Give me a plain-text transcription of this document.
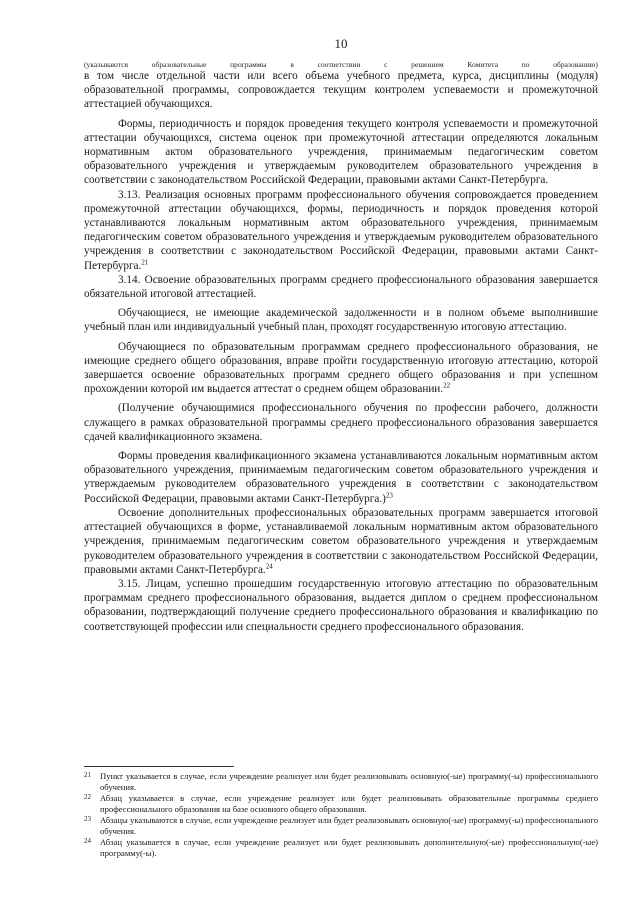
10
(указываются образовательные программы в соответствии с решением Комитета по образованию)

в том числе отдельной части или всего объема учебного предмета, курса, дисциплины (модуля) образовательной программы, сопровождается текущим контролем успеваемости и промежуточной аттестацией обучающихся.

Формы, периодичность и порядок проведения текущего контроля успеваемости и промежуточной аттестации обучающихся, система оценок при промежуточной аттестации определяются локальным нормативным актом образовательного учреждения, принимаемым педагогическим советом образовательного учреждения и утверждаемым руководителем образовательного учреждения в соответствии с законодательством Российской Федерации, правовыми актами Санкт-Петербурга.

3.13. Реализация основных программ профессионального обучения сопровождается проведением промежуточной аттестации обучающихся, формы, периодичность и порядок проведения которой устанавливаются локальным нормативным актом образовательного учреждения, принимаемым педагогическим советом образовательного учреждения и утверждаемым руководителем образовательного учреждения в соответствии с законодательством Российской Федерации, правовыми актами Санкт-Петербурга.$^{21}$

3.14. Освоение образовательных программ среднего профессионального образования завершается обязательной итоговой аттестацией.

Обучающиеся, не имеющие академической задолженности и в полном объеме выполнившие учебный план или индивидуальный учебный план, проходят государственную итоговую аттестацию.

Обучающиеся по образовательным программам среднего профессионального образования, не имеющие среднего общего образования, вправе пройти государственную итоговую аттестацию, которой завершается освоение образовательных программ среднего общего образования и при успешном прохождении которой им выдается аттестат о среднем общем образовании.$^{22}$

(Получение обучающимися профессионального обучения по профессии рабочего, должности служащего в рамках образовательной программы среднего профессионального образования завершается сдачей квалификационного экзамена.

Формы проведения квалификационного экзамена устанавливаются локальным нормативным актом образовательного учреждения, принимаемым педагогическим советом образовательного учреждения и утверждаемым руководителем образовательного учреждения в соответствии с законодательством Российской Федерации, правовыми актами Санкт-Петербурга.)$^{23}$

Освоение дополнительных профессиональных образовательных программ завершается итоговой аттестацией обучающихся в форме, устанавливаемой локальным нормативным актом образовательного учреждения, принимаемым педагогическим советом образовательного учреждения и утверждаемым руководителем образовательного учреждения в соответствии с законодательством Российской Федерации, правовыми актами Санкт-Петербурга.$^{24}$

3.15. Лицам, успешно прошедшим государственную итоговую аттестацию по образовательным программам среднего профессионального образования, выдается диплом о среднем профессиональном образовании, подтверждающий получение среднего профессионального образования и квалификацию по соответствующей профессии или специальности среднего профессионального образования.

21	Пункт указывается в случае, если учреждение реализует или будет реализовывать основную(-ые) программу(-ы) профессионального обучения.
22	Абзац указывается в случае, если учреждение реализует или будет реализовывать образовательные программы среднего профессионального образования на базе основного общего образования.
23	Абзацы указываются в случае, если учреждение реализует или будет реализовывать основную(-ые) программу(-ы) профессионального обучения.
24	Абзац указывается в случае, если учреждение реализует или будет реализовывать дополнительную(-ые) профессиональную(-ые) программу(-ы).
